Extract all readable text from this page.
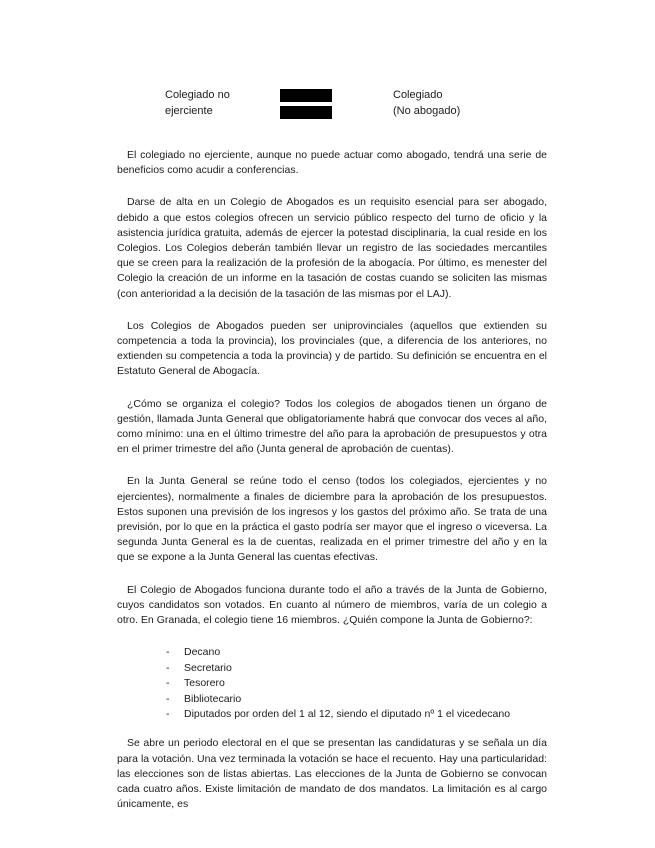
Colegiado no
ejerciente
Colegiado
(No abogado)

El colegiado no ejerciente, aunque no puede actuar como abogado, tendrá una serie de beneficios como acudir a conferencias.

Darse de alta en un Colegio de Abogados es un requisito esencial para ser abogado, debido a que estos colegios ofrecen un servicio público respecto del turno de oficio y la asistencia jurídica gratuita, además de ejercer la potestad disciplinaria, la cual reside en los Colegios. Los Colegios deberán también llevar un registro de las sociedades mercantiles que se creen para la realización de la profesión de la abogacía. Por último, es menester del Colegio la creación de un informe en la tasación de costas cuando se soliciten las mismas (con anterioridad a la decisión de la tasación de las mismas por el LAJ).

Los Colegios de Abogados pueden ser uniprovinciales (aquellos que extienden su competencia a toda la provincia), los provinciales (que, a diferencia de los anteriores, no extienden su competencia a toda la provincia) y de partido. Su definición se encuentra en el Estatuto General de Abogacía.

¿Cómo se organiza el colegio? Todos los colegios de abogados tienen un órgano de gestión, llamada Junta General que obligatoriamente habrá que convocar dos veces al año, como mínimo: una en el último trimestre del año para la aprobación de presupuestos y otra en el primer trimestre del año (Junta general de aprobación de cuentas).

En la Junta General se reúne todo el censo (todos los colegiados, ejercientes y no ejercientes), normalmente a finales de diciembre para la aprobación de los presupuestos. Estos suponen una previsión de los ingresos y los gastos del próximo año. Se trata de una previsión, por lo que en la práctica el gasto podría ser mayor que el ingreso o viceversa. La segunda Junta General es la de cuentas, realizada en el primer trimestre del año y en la que se expone a la Junta General las cuentas efectivas.

El Colegio de Abogados funciona durante todo el año a través de la Junta de Gobierno, cuyos candidatos son votados. En cuanto al número de miembros, varía de un colegio a otro. En Granada, el colegio tiene 16 miembros. ¿Quién compone la Junta de Gobierno?:

- Decano
- Secretario
- Tesorero
- Bibliotecario
- Diputados por orden del 1 al 12, siendo el diputado nº 1 el vicedecano

Se abre un periodo electoral en el que se presentan las candidaturas y se señala un día para la votación. Una vez terminada la votación se hace el recuento. Hay una particularidad: las elecciones son de listas abiertas. Las elecciones de la Junta de Gobierno se convocan cada cuatro años. Existe limitación de mandato de dos mandatos. La limitación es al cargo únicamente, es
